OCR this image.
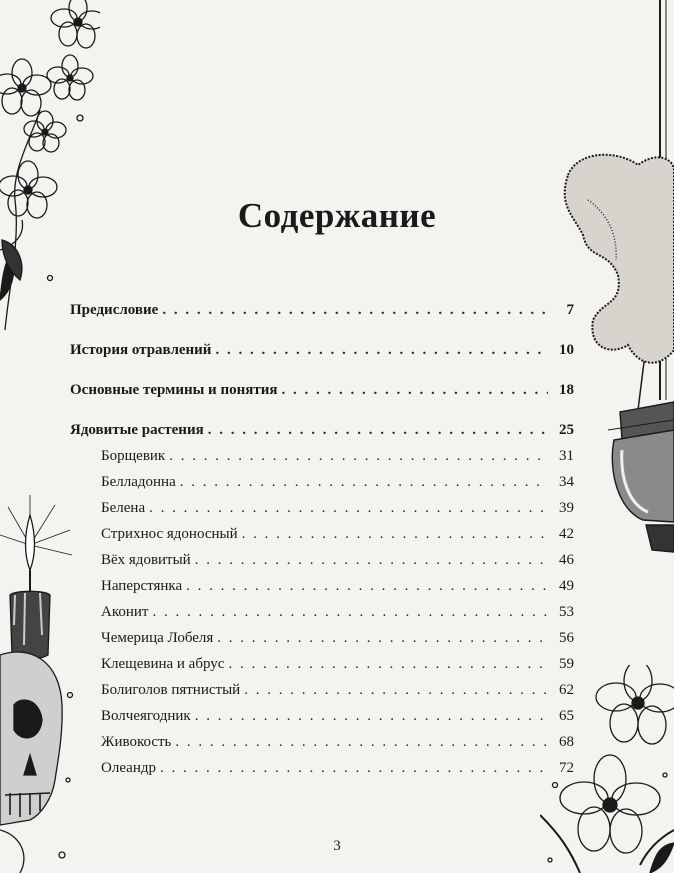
Содержание
Предисловие . . .	7
История отравлений . . .	10
Основные термины и понятия . . .	18
Ядовитые растения . . .	25
Борщевик . . .	31
Белладонна . . .	34
Белена . . .	39
Стрихнос ядоносный . . .	42
Вёх ядовитый . . .	46
Наперстянка . . .	49
Аконит . . .	53
Чемерица Лобеля . . .	56
Клещевина и абрус . . .	59
Болиголов пятнистый . . .	62
Волчеягодник . . .	65
Живокость . . .	68
Олеандр . . .	72
3
